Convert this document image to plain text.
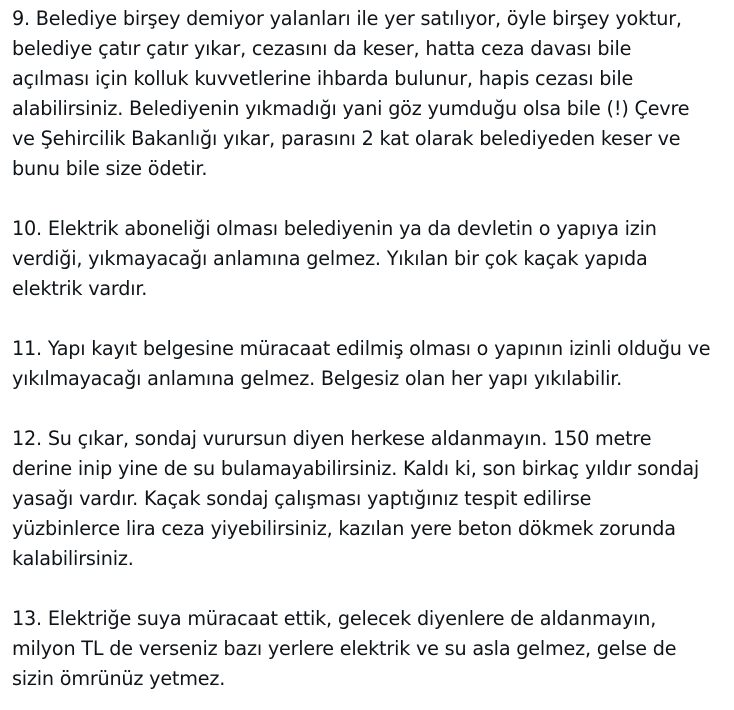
9. Belediye birşey demiyor yalanları ile yer satılıyor, öyle birşey yoktur,
belediye çatır çatır yıkar, cezasını da keser, hatta ceza davası bile
açılması için kolluk kuvvetlerine ihbarda bulunur, hapis cezası bile
alabilirsiniz. Belediyenin yıkmadığı yani göz yumduğu olsa bile (!) Çevre
ve Şehircilik Bakanlığı yıkar, parasını 2 kat olarak belediyeden keser ve
bunu bile size ödetir.

10. Elektrik aboneliği olması belediyenin ya da devletin o yapıya izin
verdiği, yıkmayacağı anlamına gelmez. Yıkılan bir çok kaçak yapıda
elektrik vardır.

11. Yapı kayıt belgesine müracaat edilmiş olması o yapının izinli olduğu ve
yıkılmayacağı anlamına gelmez. Belgesiz olan her yapı yıkılabilir.

12. Su çıkar, sondaj vurursun diyen herkese aldanmayın. 150 metre
derine inip yine de su bulamayabilirsiniz. Kaldı ki, son birkaç yıldır sondaj
yasağı vardır. Kaçak sondaj çalışması yaptığınız tespit edilirse
yüzbinlerce lira ceza yiyebilirsiniz, kazılan yere beton dökmek zorunda
kalabilirsiniz.

13. Elektriğe suya müracaat ettik, gelecek diyenlere de aldanmayın,
milyon TL de verseniz bazı yerlere elektrik ve su asla gelmez, gelse de
sizin ömrünüz yetmez.
